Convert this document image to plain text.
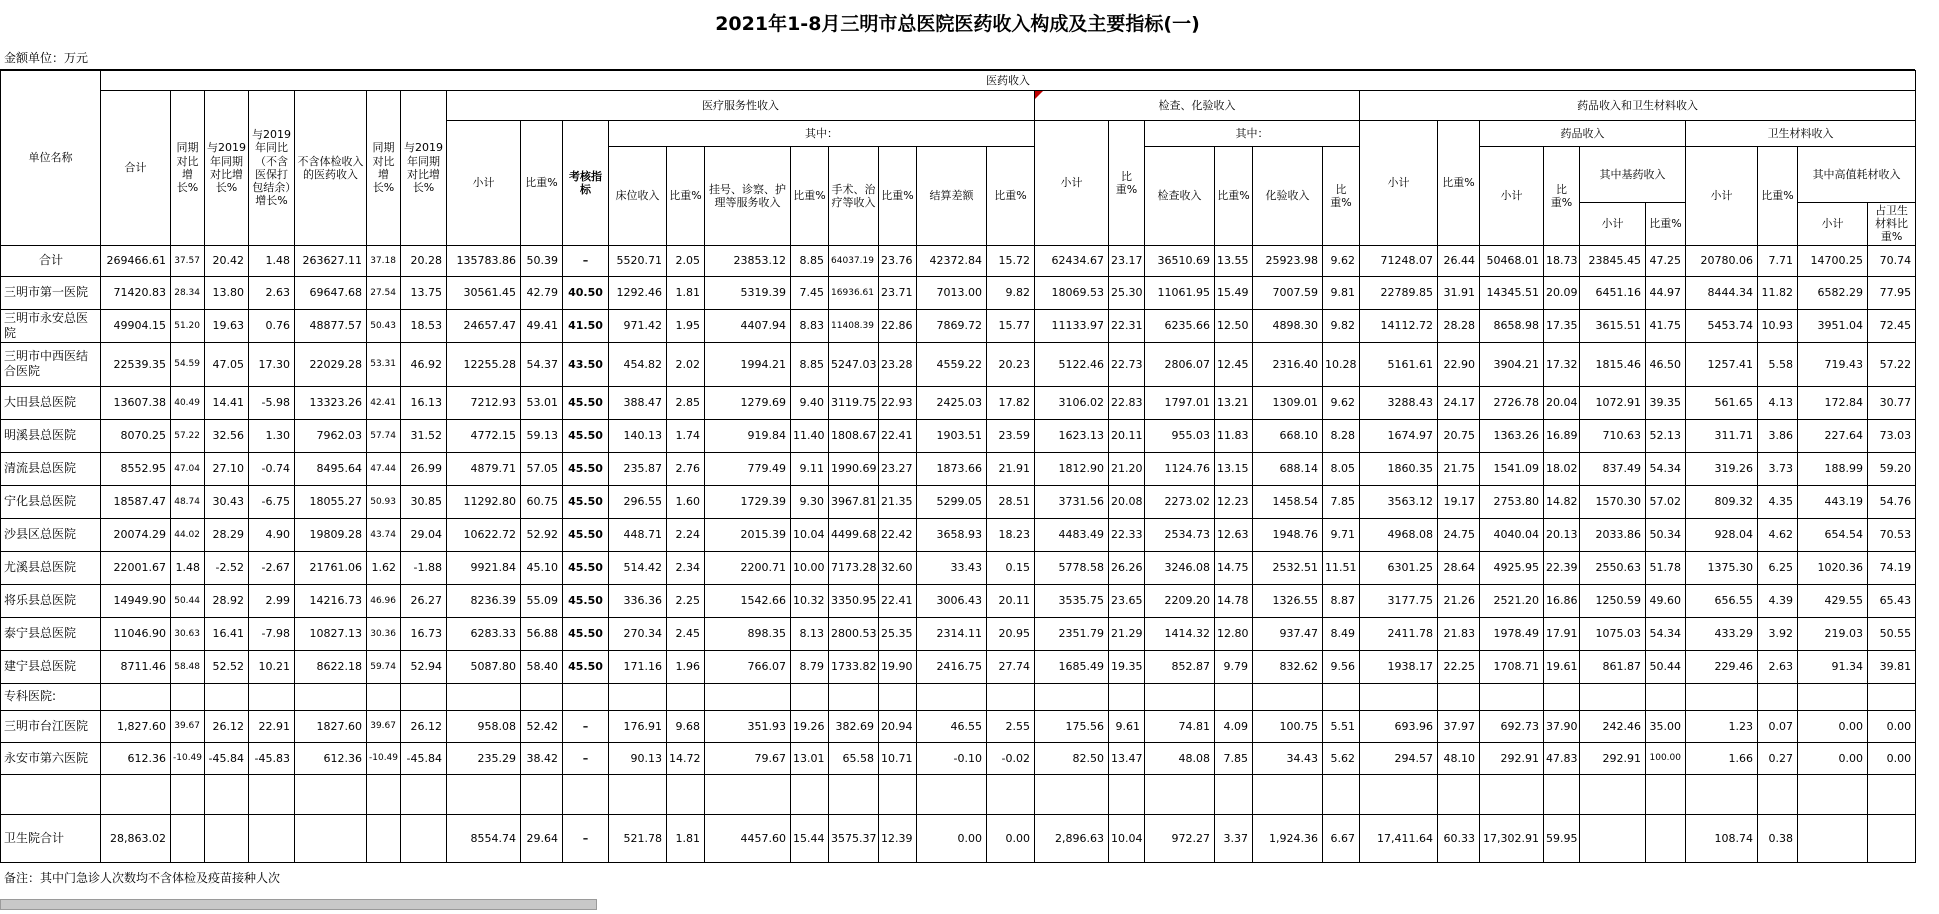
2021年1-8月三明市总医院医药收入构成及主要指标(一)
金额单位：万元
单位名称	医药收入																																	
	合计	同期对比增长%	与2019年同期对比增长%	与2019年同比（不含医保打包结余）增长%	不含体检收入的医药收入	同期对比增长%	与2019年同期对比增长%	医疗服务性收入											检查、化验收入						药品收入和卫生材料收入									
								小计	比重%	考核指标	其中：								小计	比重%	其中：				小计	比重%	药品收入				卫生材料收入			
											床位收入	比重%	挂号、诊察、护理等服务收入	比重%	手术、治疗等收入	比重%	结算差额	比重%			检查收入	比重%	化验收入	比重%			小计	比重%	其中基药收入		小计	比重%	其中高值耗材收入	
																													小计	比重%			小计	占卫生材料比重%
合计	269466.61	37.57	20.42	1.48	263627.11	37.18	20.28	135783.86	50.39	–	5520.71	2.05	23853.12	8.85	64037.19	23.76	42372.84	15.72	62434.67	23.17	36510.69	13.55	25923.98	9.62	71248.07	26.44	50468.01	18.73	23845.45	47.25	20780.06	7.71	14700.25	70.74
三明市第一医院	71420.83	28.34	13.80	2.63	69647.68	27.54	13.75	30561.45	42.79	40.50	1292.46	1.81	5319.39	7.45	16936.61	23.71	7013.00	9.82	18069.53	25.30	11061.95	15.49	7007.59	9.81	22789.85	31.91	14345.51	20.09	6451.16	44.97	8444.34	11.82	6582.29	77.95
三明市永安总医院	49904.15	51.20	19.63	0.76	48877.57	50.43	18.53	24657.47	49.41	41.50	971.42	1.95	4407.94	8.83	11408.39	22.86	7869.72	15.77	11133.97	22.31	6235.66	12.50	4898.30	9.82	14112.72	28.28	8658.98	17.35	3615.51	41.75	5453.74	10.93	3951.04	72.45
三明市中西医结合医院	22539.35	54.59	47.05	17.30	22029.28	53.31	46.92	12255.28	54.37	43.50	454.82	2.02	1994.21	8.85	5247.03	23.28	4559.22	20.23	5122.46	22.73	2806.07	12.45	2316.40	10.28	5161.61	22.90	3904.21	17.32	1815.46	46.50	1257.41	5.58	719.43	57.22
大田县总医院	13607.38	40.49	14.41	-5.98	13323.26	42.41	16.13	7212.93	53.01	45.50	388.47	2.85	1279.69	9.40	3119.75	22.93	2425.03	17.82	3106.02	22.83	1797.01	13.21	1309.01	9.62	3288.43	24.17	2726.78	20.04	1072.91	39.35	561.65	4.13	172.84	30.77
明溪县总医院	8070.25	57.22	32.56	1.30	7962.03	57.74	31.52	4772.15	59.13	45.50	140.13	1.74	919.84	11.40	1808.67	22.41	1903.51	23.59	1623.13	20.11	955.03	11.83	668.10	8.28	1674.97	20.75	1363.26	16.89	710.63	52.13	311.71	3.86	227.64	73.03
清流县总医院	8552.95	47.04	27.10	-0.74	8495.64	47.44	26.99	4879.71	57.05	45.50	235.87	2.76	779.49	9.11	1990.69	23.27	1873.66	21.91	1812.90	21.20	1124.76	13.15	688.14	8.05	1860.35	21.75	1541.09	18.02	837.49	54.34	319.26	3.73	188.99	59.20
宁化县总医院	18587.47	48.74	30.43	-6.75	18055.27	50.93	30.85	11292.80	60.75	45.50	296.55	1.60	1729.39	9.30	3967.81	21.35	5299.05	28.51	3731.56	20.08	2273.02	12.23	1458.54	7.85	3563.12	19.17	2753.80	14.82	1570.30	57.02	809.32	4.35	443.19	54.76
沙县区总医院	20074.29	44.02	28.29	4.90	19809.28	43.74	29.04	10622.72	52.92	45.50	448.71	2.24	2015.39	10.04	4499.68	22.42	3658.93	18.23	4483.49	22.33	2534.73	12.63	1948.76	9.71	4968.08	24.75	4040.04	20.13	2033.86	50.34	928.04	4.62	654.54	70.53
尤溪县总医院	22001.67	1.48	-2.52	-2.67	21761.06	1.62	-1.88	9921.84	45.10	45.50	514.42	2.34	2200.71	10.00	7173.28	32.60	33.43	0.15	5778.58	26.26	3246.08	14.75	2532.51	11.51	6301.25	28.64	4925.95	22.39	2550.63	51.78	1375.30	6.25	1020.36	74.19
将乐县总医院	14949.90	50.44	28.92	2.99	14216.73	46.96	26.27	8236.39	55.09	45.50	336.36	2.25	1542.66	10.32	3350.95	22.41	3006.43	20.11	3535.75	23.65	2209.20	14.78	1326.55	8.87	3177.75	21.26	2521.20	16.86	1250.59	49.60	656.55	4.39	429.55	65.43
泰宁县总医院	11046.90	30.63	16.41	-7.98	10827.13	30.36	16.73	6283.33	56.88	45.50	270.34	2.45	898.35	8.13	2800.53	25.35	2314.11	20.95	2351.79	21.29	1414.32	12.80	937.47	8.49	2411.78	21.83	1978.49	17.91	1075.03	54.34	433.29	3.92	219.03	50.55
建宁县总医院	8711.46	58.48	52.52	10.21	8622.18	59.74	52.94	5087.80	58.40	45.50	171.16	1.96	766.07	8.79	1733.82	19.90	2416.75	27.74	1685.49	19.35	852.87	9.79	832.62	9.56	1938.17	22.25	1708.71	19.61	861.87	50.44	229.46	2.63	91.34	39.81
专科医院:																																		
三明市台江医院	1,827.60	39.67	26.12	22.91	1827.60	39.67	26.12	958.08	52.42	–	176.91	9.68	351.93	19.26	382.69	20.94	46.55	2.55	175.56	9.61	74.81	4.09	100.75	5.51	693.96	37.97	692.73	37.90	242.46	35.00	1.23	0.07	0.00	0.00
永安市第六医院	612.36	-10.49	-45.84	-45.83	612.36	-10.49	-45.84	235.29	38.42	–	90.13	14.72	79.67	13.01	65.58	10.71	-0.10	-0.02	82.50	13.47	48.08	7.85	34.43	5.62	294.57	48.10	292.91	47.83	292.91	100.00	1.66	0.27	0.00	0.00

卫生院合计	28,863.02							8554.74	29.64	–	521.78	1.81	4457.60	15.44	3575.37	12.39	0.00	0.00	2,896.63	10.04	972.27	3.37	1,924.36	6.67	17,411.64	60.33	17,302.91	59.95			108.74	0.38		
备注：其中门急诊人次数均不含体检及疫苗接种人次
